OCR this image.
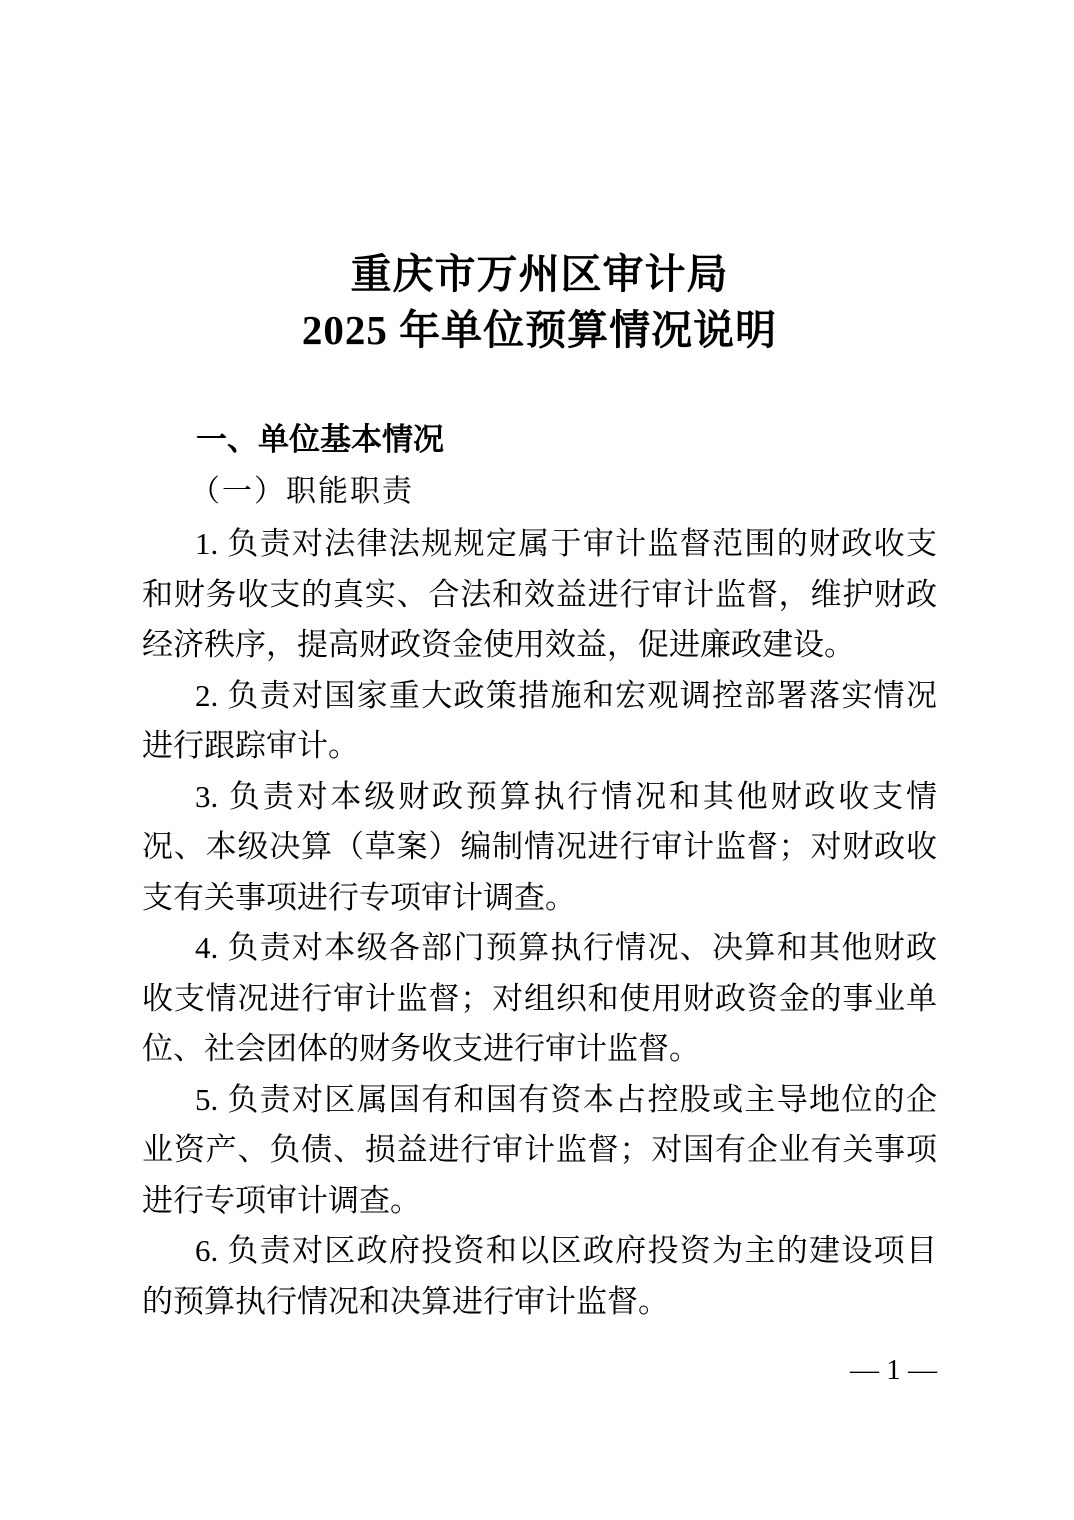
重庆市万州区审计局
2025 年单位预算情况说明
一、单位基本情况
（一）职能职责

1. 负责对法律法规规定属于审计监督范围的财政收支和财务收支的真实、合法和效益进行审计监督，维护财政经济秩序，提高财政资金使用效益，促进廉政建设。

2. 负责对国家重大政策措施和宏观调控部署落实情况进行跟踪审计。

3. 负责对本级财政预算执行情况和其他财政收支情况、本级决算（草案）编制情况进行审计监督；对财政收支有关事项进行专项审计调查。

4. 负责对本级各部门预算执行情况、决算和其他财政收支情况进行审计监督；对组织和使用财政资金的事业单位、社会团体的财务收支进行审计监督。

5. 负责对区属国有和国有资本占控股或主导地位的企业资产、负债、损益进行审计监督；对国有企业有关事项进行专项审计调查。

6. 负责对区政府投资和以区政府投资为主的建设项目的预算执行情况和决算进行审计监督。

— 1 —
